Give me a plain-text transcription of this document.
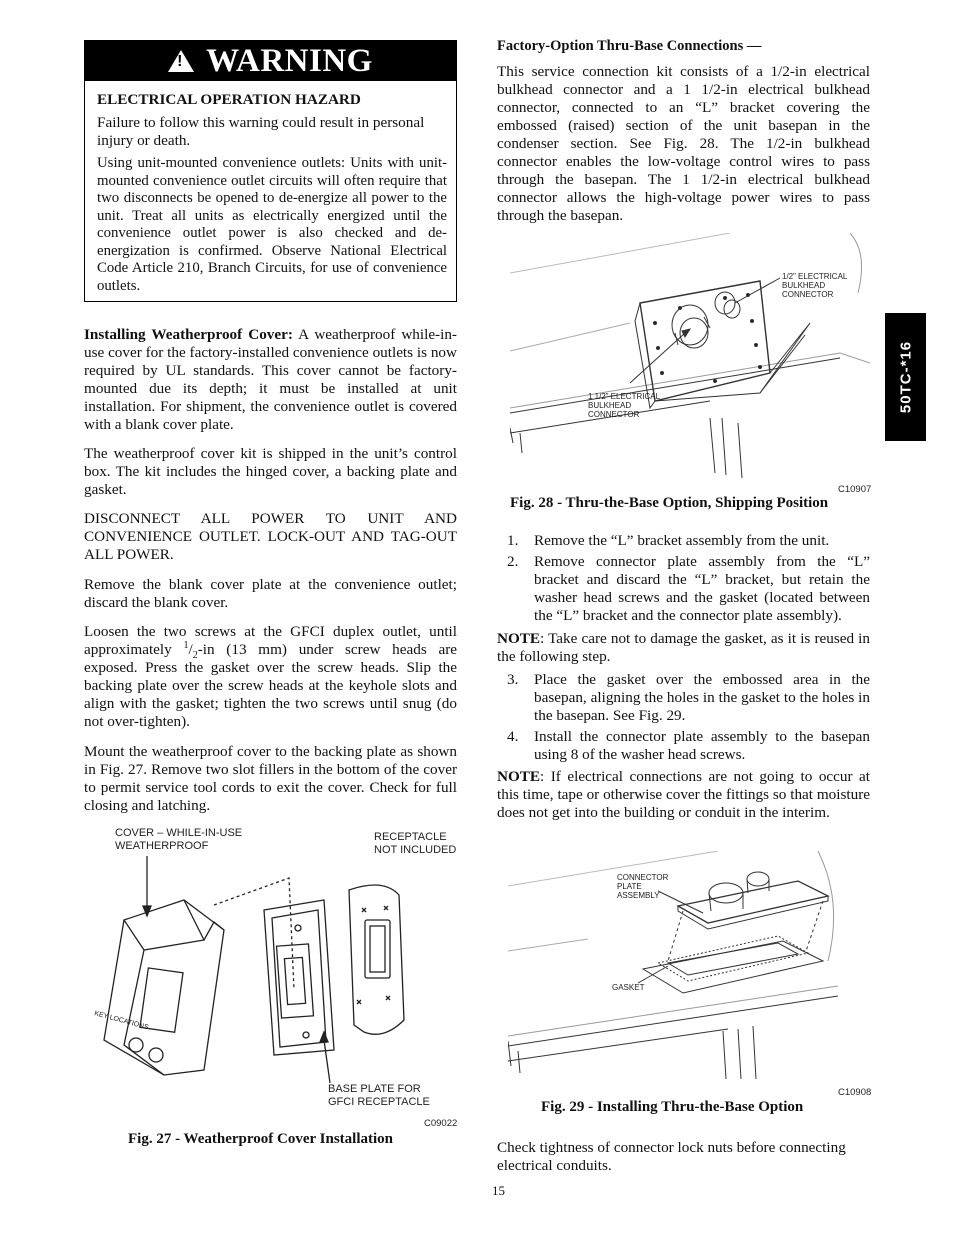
! WARNING

ELECTRICAL OPERATION HAZARD

Failure to follow this warning could result in personal injury or death.

Using unit-mounted convenience outlets: Units with unit-mounted convenience outlet circuits will often require that two disconnects be opened to de-energize all power to the unit. Treat all units as electrically energized until the convenience outlet power is also checked and de-energization is confirmed. Observe National Electrical Code Article 210, Branch Circuits, for use of convenience outlets.

Installing Weatherproof Cover: A weatherproof while-in-use cover for the factory-installed convenience outlets is now required by UL standards. This cover cannot be factory-mounted due its depth; it must be installed at unit installation. For shipment, the convenience outlet is covered with a blank cover plate.

The weatherproof cover kit is shipped in the unit’s control box. The kit includes the hinged cover, a backing plate and gasket.

DISCONNECT ALL POWER TO UNIT AND CONVENIENCE OUTLET. LOCK-OUT AND TAG-OUT ALL POWER.

Remove the blank cover plate at the convenience outlet; discard the blank cover.

Loosen the two screws at the GFCI duplex outlet, until approximately $^1/_2-in$ (13 mm) under screw heads are exposed. Press the gasket over the screw heads. Slip the backing plate over the screw heads at the keyhole slots and align with the gasket; tighten the two screws until snug (do not over-tighten).

Mount the weatherproof cover to the backing plate as shown in Fig. 27. Remove two slot fillers in the bottom of the cover to permit service tool cords to exit the cover. Check for full closing and latching.

COVER – WHILE-IN-USE
WEATHERPROOF
RECEPTACLE
NOT INCLUDED
BASE PLATE FOR
GFCI RECEPTACLE
C09022
KEY LOCATIONS
Fig. 27 - Weatherproof Cover Installation

Factory-Option Thru-Base Connections —

This service connection kit consists of a 1/2-in electrical bulkhead connector and a 1 1/2-in electrical bulkhead connector, connected to an “L” bracket covering the embossed (raised) section of the unit basepan in the condenser section. See Fig. 28. The 1/2-in bulkhead connector enables the low-voltage control wires to pass through the basepan. The 1 1/2-in electrical bulkhead connector allows the high-voltage power wires to pass through the basepan.

1/2” ELECTRICAL
BULKHEAD
CONNECTOR
1 1/2” ELECTRICAL
BULKHEAD
CONNECTOR
C10907
Fig. 28 - Thru-the-Base Option, Shipping Position
1.	Remove the “L” bracket assembly from the unit.
2.	Remove connector plate assembly from the “L” bracket and discard the “L” bracket, but retain the washer head screws and the gasket (located between the “L” bracket and the connector plate assembly).

NOTE: Take care not to damage the gasket, as it is reused in the following step.

3.	Place the gasket over the embossed area in the basepan, aligning the holes in the gasket to the holes in the basepan. See Fig. 29.
4.	Install the connector plate assembly to the basepan using 8 of the washer head screws.

NOTE: If electrical connections are not going to occur at this time, tape or otherwise cover the fittings so that moisture does not get into the building or conduit in the interim.

CONNECTOR
PLATE
ASSEMBLY
GASKET
C10908
Fig. 29 - Installing Thru-the-Base Option

Check tightness of connector lock nuts before connecting electrical conduits.

50TC-*16
15
